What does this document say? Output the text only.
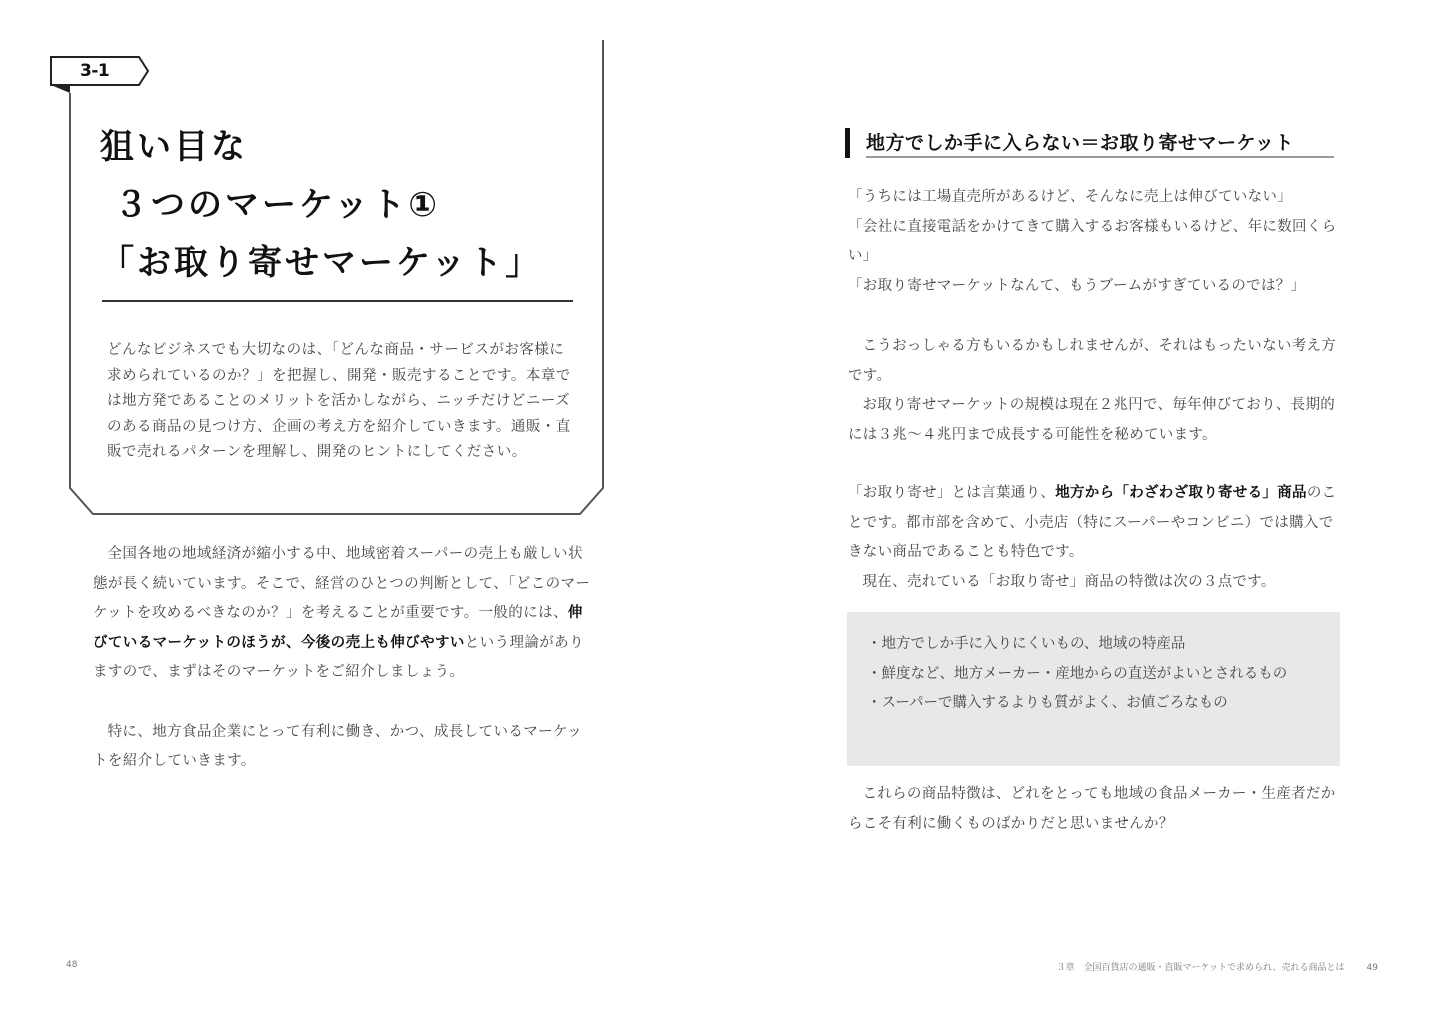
3-1
狙い目な
３つのマーケット①
「お取り寄せマーケット」

どんなビジネスでも大切なのは、「どんな商品・サービスがお客様に求められているのか？」を把握し、開発・販売することです。本章では地方発であることのメリットを活かしながら、ニッチだけどニーズのある商品の見つけ方、企画の考え方を紹介していきます。通販・直販で売れるパターンを理解し、開発のヒントにしてください。

全国各地の地域経済が縮小する中、地域密着スーパーの売上も厳しい状態が長く続いています。そこで、経営のひとつの判断として、「どこのマーケットを攻めるべきなのか？」を考えることが重要です。一般的には、伸びているマーケットのほうが、今後の売上も伸びやすいという理論がありますので、まずはそのマーケットをご紹介しましょう。

特に、地方食品企業にとって有利に働き、かつ、成長しているマーケットを紹介していきます。

48
地方でしか手に入らない＝お取り寄せマーケット

「うちには工場直売所があるけど、そんなに売上は伸びていない」

「会社に直接電話をかけてきて購入するお客様もいるけど、年に数回くらい」

「お取り寄せマーケットなんて、もうブームがすぎているのでは？」

こうおっしゃる方もいるかもしれませんが、それはもったいない考え方です。

お取り寄せマーケットの規模は現在２兆円で、毎年伸びており、長期的には３兆〜４兆円まで成長する可能性を秘めています。

「お取り寄せ」とは言葉通り、地方から「わざわざ取り寄せる」商品のことです。都市部を含めて、小売店（特にスーパーやコンビニ）では購入できない商品であることも特色です。

現在、売れている「お取り寄せ」商品の特徴は次の３点です。

・地方でしか手に入りにくいもの、地域の特産品
・鮮度など、地方メーカー・産地からの直送がよいとされるもの
・スーパーで購入するよりも質がよく、お値ごろなもの

これらの商品特徴は、どれをとっても地域の食品メーカー・生産者だからこそ有利に働くものばかりだと思いませんか？

３章　全国百貨店の通販・直販マーケットで求められ、売れる商品とは 49
